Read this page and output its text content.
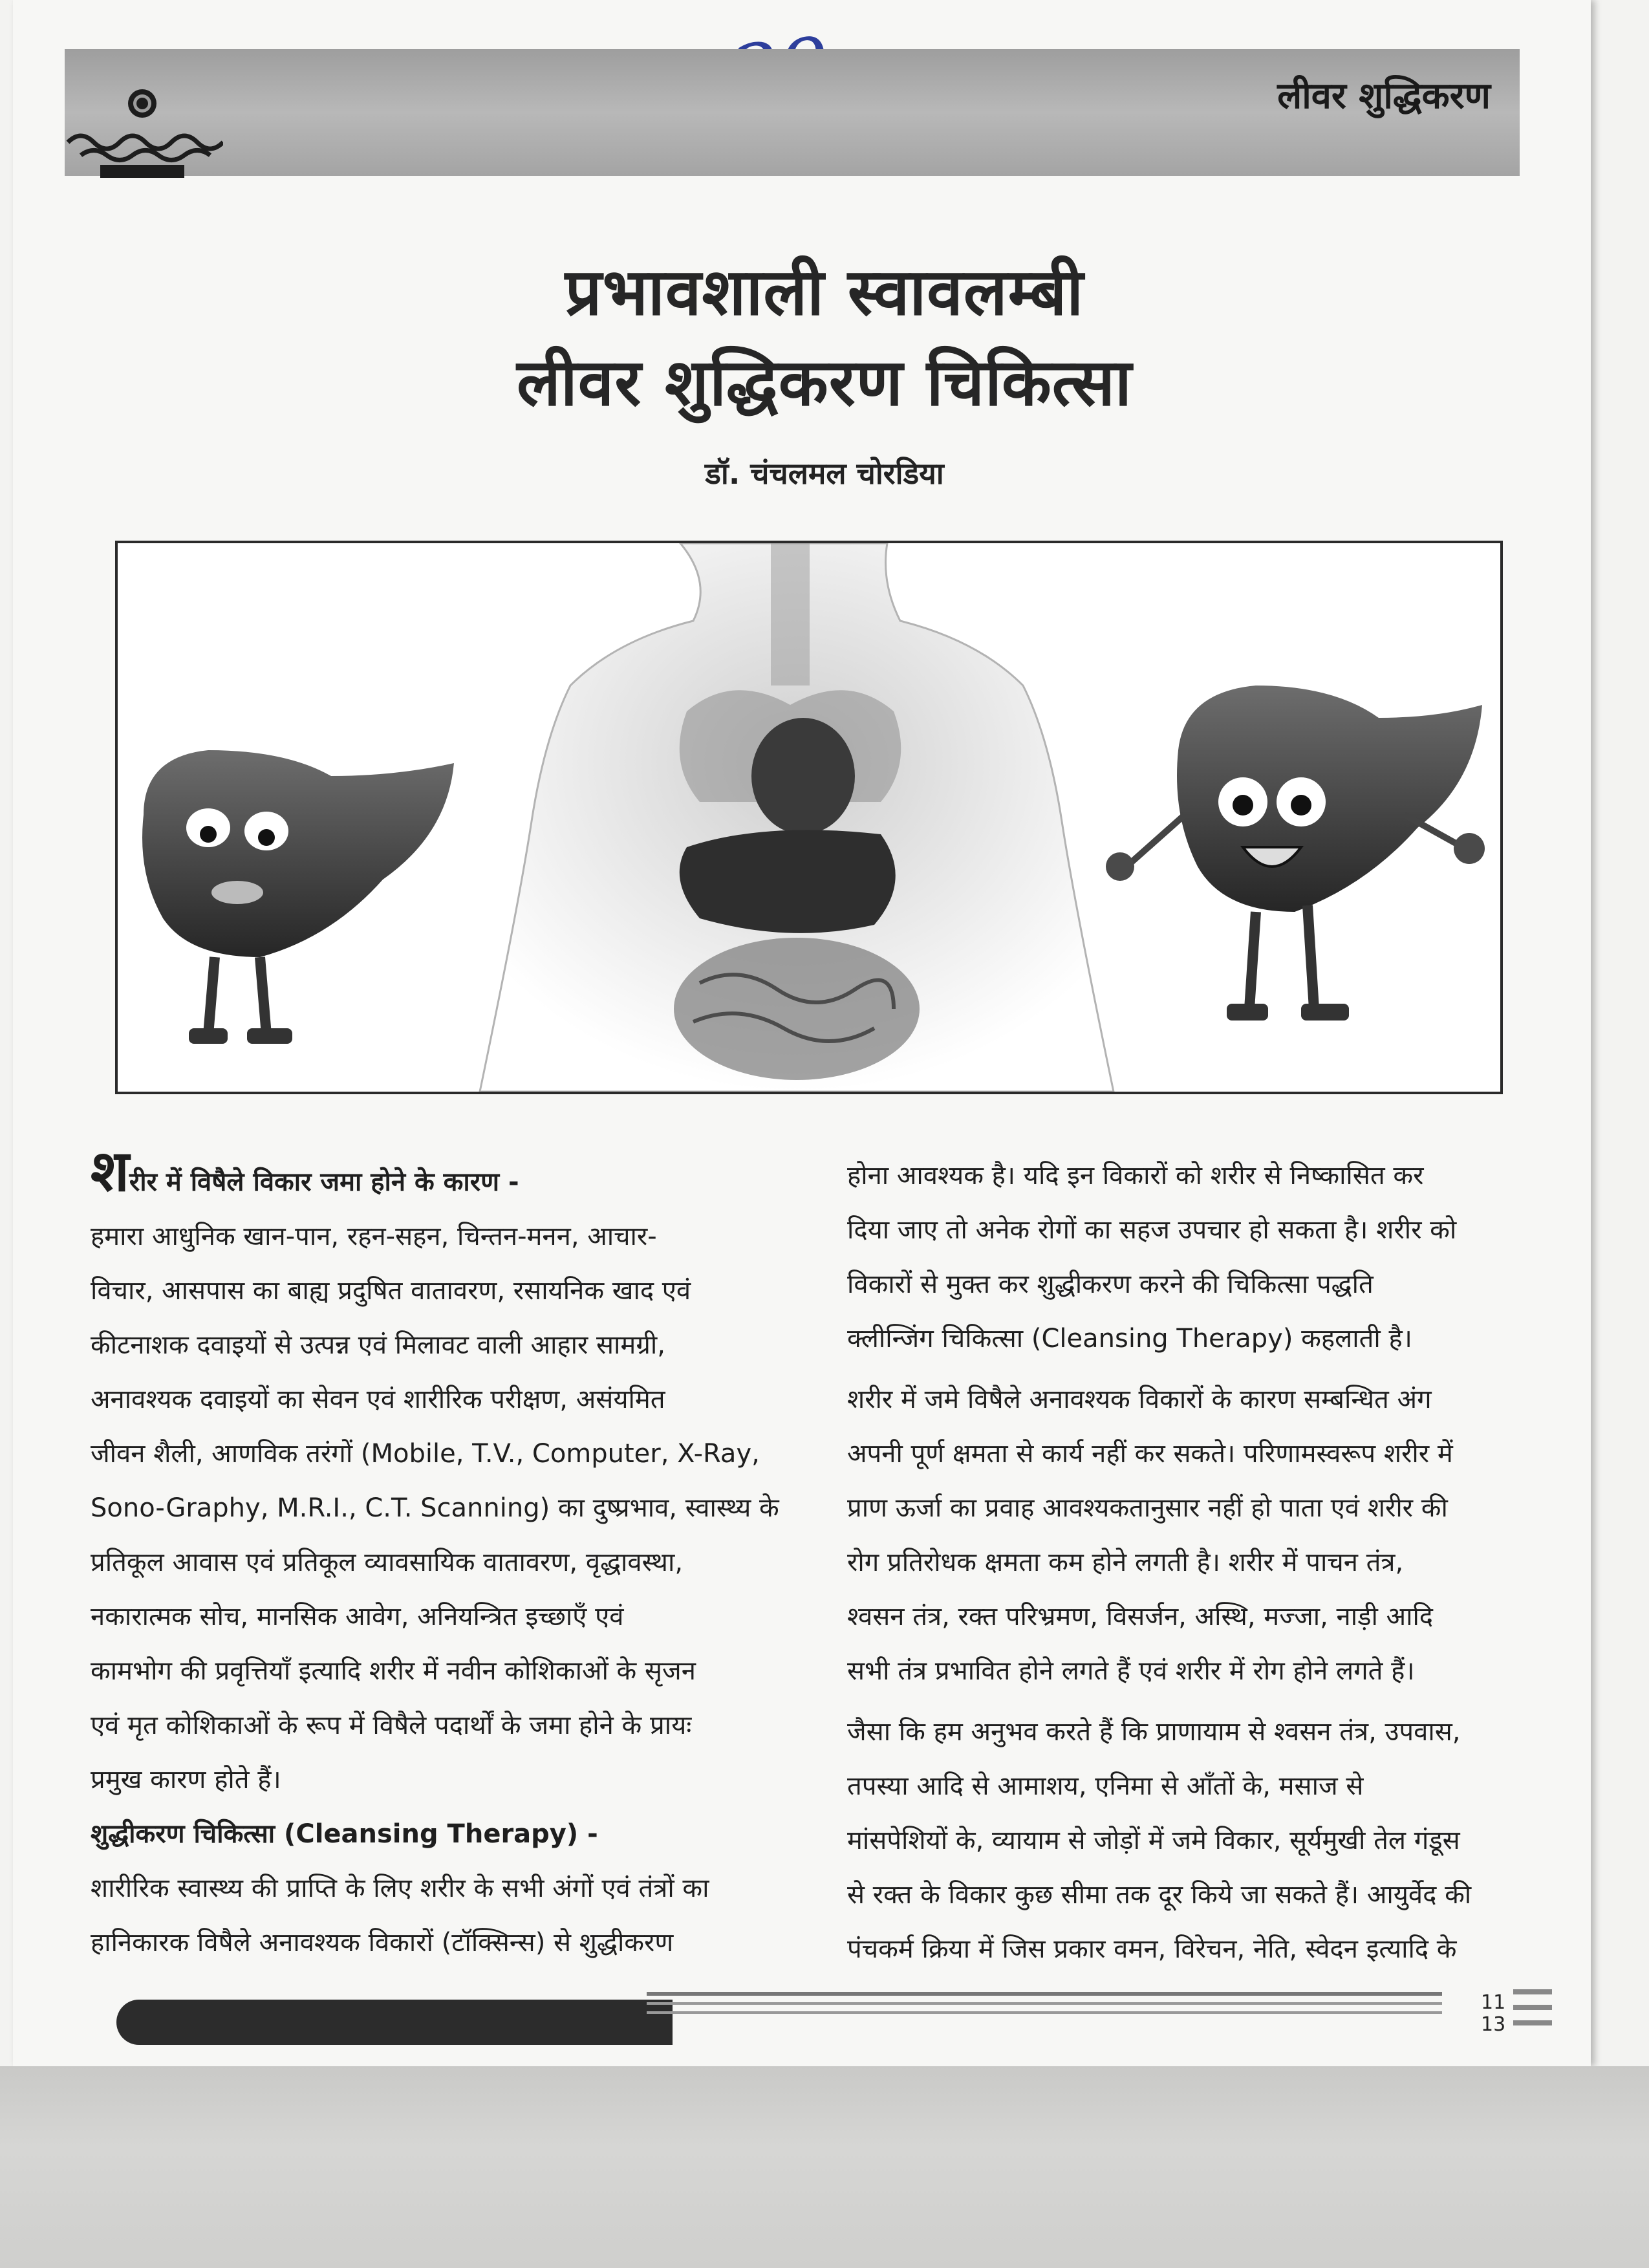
लीवर शुद्धिकरण
प्रभावशाली स्वावलम्बी
लीवर शुद्धिकरण चिकित्सा
डॉ. चंचलमल चोरडिया

शरीर में विषैले विकार जमा होने के कारण -

हमारा आधुनिक खान-पान, रहन-सहन, चिन्तन-मनन, आचार-
विचार, आसपास का बाह्य प्रदुषित वातावरण, रसायनिक खाद एवं
कीटनाशक दवाइयों से उत्पन्न एवं मिलावट वाली आहार सामग्री,
अनावश्यक दवाइयों का सेवन एवं शारीरिक परीक्षण, असंयमित
जीवन शैली, आणविक तरंगों (Mobile, T.V., Computer, X-Ray,
Sono-Graphy, M.R.I., C.T. Scanning) का दुष्प्रभाव, स्वास्थ्य के
प्रतिकूल आवास एवं प्रतिकूल व्यावसायिक वातावरण, वृद्धावस्था,
नकारात्मक सोच, मानसिक आवेग, अनियन्त्रित इच्छाएँ एवं
कामभोग की प्रवृत्तियाँ इत्यादि शरीर में नवीन कोशिकाओं के सृजन
एवं मृत कोशिकाओं के रूप में विषैले पदार्थों के जमा होने के प्रायः
प्रमुख कारण होते हैं।

शुद्धीकरण चिकित्सा (Cleansing Therapy) -

शारीरिक स्वास्थ्य की प्राप्ति के लिए शरीर के सभी अंगों एवं तंत्रों का
हानिकारक विषैले अनावश्यक विकारों (टॉक्सिन्स) से शुद्धीकरण

होना आवश्यक है। यदि इन विकारों को शरीर से निष्कासित कर
दिया जाए तो अनेक रोगों का सहज उपचार हो सकता है। शरीर को
विकारों से मुक्त कर शुद्धीकरण करने की चिकित्सा पद्धति
क्लीन्जिंग चिकित्सा (Cleansing Therapy) कहलाती है।

शरीर में जमे विषैले अनावश्यक विकारों के कारण सम्बन्धित अंग
अपनी पूर्ण क्षमता से कार्य नहीं कर सकते। परिणामस्वरूप शरीर में
प्राण ऊर्जा का प्रवाह आवश्यकतानुसार नहीं हो पाता एवं शरीर की
रोग प्रतिरोधक क्षमता कम होने लगती है। शरीर में पाचन तंत्र,
श्वसन तंत्र, रक्त परिभ्रमण, विसर्जन, अस्थि, मज्जा, नाड़ी आदि
सभी तंत्र प्रभावित होने लगते हैं एवं शरीर में रोग होने लगते हैं।

जैसा कि हम अनुभव करते हैं कि प्राणायाम से श्वसन तंत्र, उपवास,
तपस्या आदि से आमाशय, एनिमा से आँतों के, मसाज से
मांसपेशियों के, व्यायाम से जोड़ों में जमे विकार, सूर्यमुखी तेल गंडूस
से रक्त के विकार कुछ सीमा तक दूर किये जा सकते हैं। आयुर्वेद की
पंचकर्म क्रिया में जिस प्रकार वमन, विरेचन, नेति, स्वेदन इत्यादि के

11
13
